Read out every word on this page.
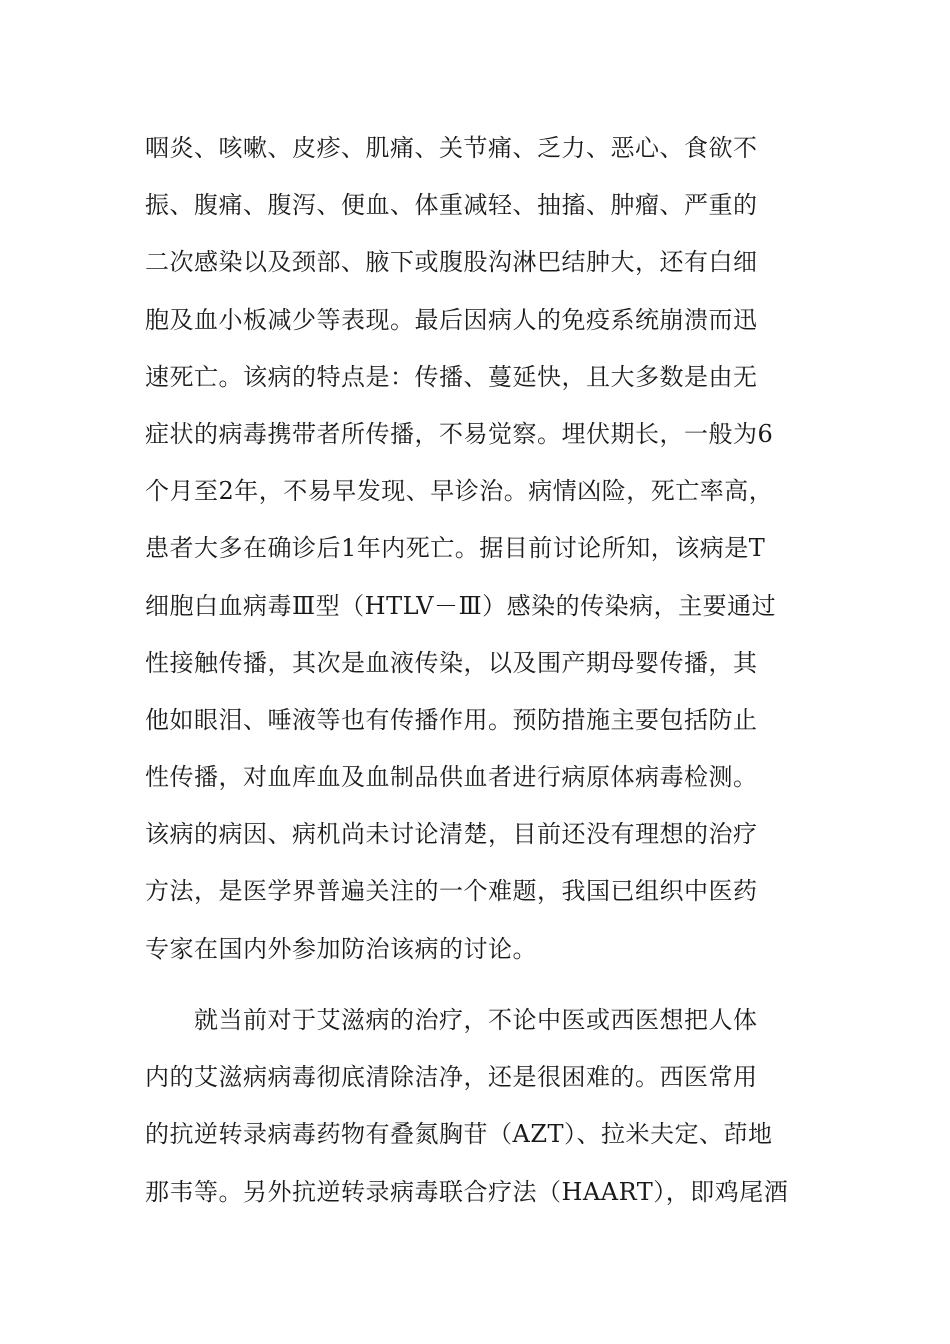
咽炎、咳嗽、皮疹、肌痛、关节痛、乏力、恶心、食欲不
振、腹痛、腹泻、便血、体重减轻、抽搐、肿瘤、严重的
二次感染以及颈部、腋下或腹股沟淋巴结肿大，还有白细
胞及血小板减少等表现。最后因病人的免疫系统崩溃而迅
速死亡。该病的特点是：传播、蔓延快，且大多数是由无
症状的病毒携带者所传播，不易觉察。埋伏期长，一般为6
个月至2年，不易早发现、早诊治。病情凶险，死亡率高，
患者大多在确诊后1年内死亡。据目前讨论所知，该病是T
细胞白血病毒Ⅲ型（HTLV－Ⅲ）感染的传染病，主要通过
性接触传播，其次是血液传染，以及围产期母婴传播，其
他如眼泪、唾液等也有传播作用。预防措施主要包括防止
性传播，对血库血及血制品供血者进行病原体病毒检测。
该病的病因、病机尚未讨论清楚，目前还没有理想的治疗
方法，是医学界普遍关注的一个难题，我国已组织中医药
专家在国内外参加防治该病的讨论。
就当前对于艾滋病的治疗，不论中医或西医想把人体
内的艾滋病病毒彻底清除洁净，还是很困难的。西医常用
的抗逆转录病毒药物有叠氮胸苷（AZT）、拉米夫定、茚地
那韦等。另外抗逆转录病毒联合疗法（HAART），即鸡尾酒
